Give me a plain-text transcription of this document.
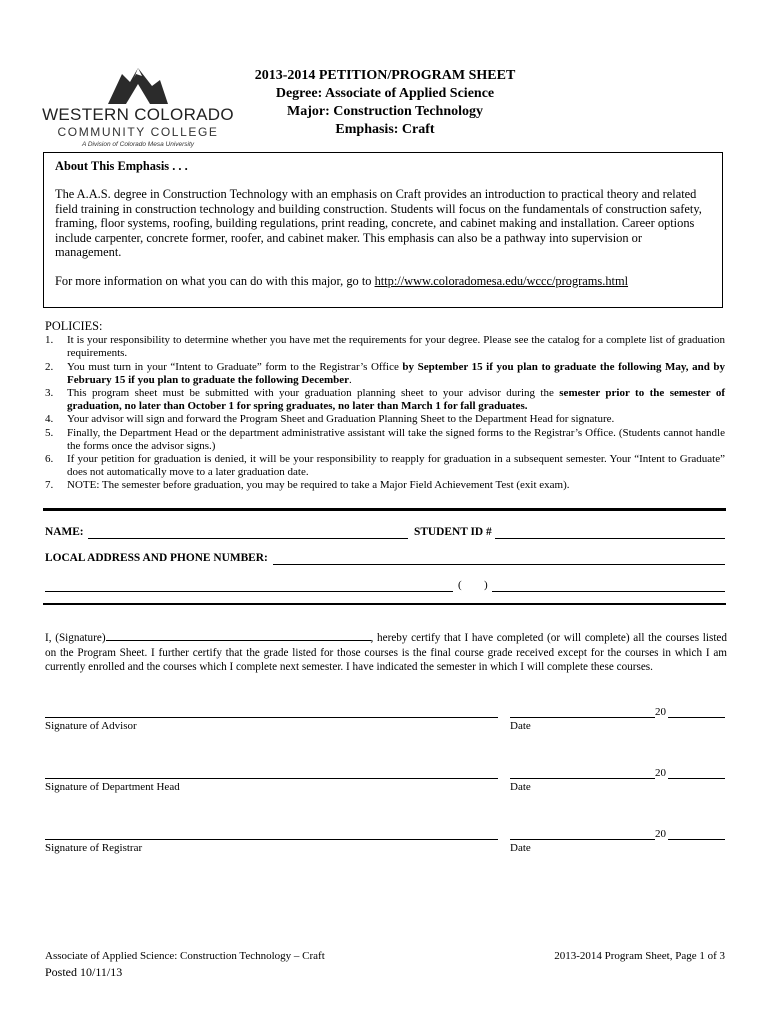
WESTERN COLORADO
COMMUNITY COLLEGE
A Division of Colorado Mesa University
2013-2014 PETITION/PROGRAM SHEET
Degree: Associate of Applied Science
Major: Construction Technology
Emphasis: Craft
About This Emphasis . . .

The A.A.S. degree in Construction Technology with an emphasis on Craft provides an introduction to practical theory and related field training in construction technology and building construction. Students will focus on the fundamentals of construction safety, framing, floor systems, roofing, building regulations, print reading, concrete, and cabinet making and installation. Career options include carpenter, concrete former, roofer, and cabinet maker. This emphasis can also be a pathway into supervision or management.

For more information on what you can do with this major, go to http://www.coloradomesa.edu/wccc/programs.html

POLICIES:
1. It is your responsibility to determine whether you have met the requirements for your degree. Please see the catalog for a complete list of graduation requirements.
2. You must turn in your “Intent to Graduate” form to the Registrar’s Office by September 15 if you plan to graduate the following May, and by February 15 if you plan to graduate the following December.
3. This program sheet must be submitted with your graduation planning sheet to your advisor during the semester prior to the semester of graduation, no later than October 1 for spring graduates, no later than March 1 for fall graduates.
4. Your advisor will sign and forward the Program Sheet and Graduation Planning Sheet to the Department Head for signature.
5. Finally, the Department Head or the department administrative assistant will take the signed forms to the Registrar’s Office. (Students cannot handle the forms once the advisor signs.)
6. If your petition for graduation is denied, it will be your responsibility to reapply for graduation in a subsequent semester. Your “Intent to Graduate” does not automatically move to a later graduation date.
7. NOTE: The semester before graduation, you may be required to take a Major Field Achievement Test (exit exam).
NAME:	STUDENT ID #
LOCAL ADDRESS AND PHONE NUMBER:
( )
I, (Signature)	, hereby certify that I have completed (or will complete) all the courses listed on the Program Sheet. I further certify that the grade listed for those courses is the final course grade received except for the courses in which I am currently enrolled and the courses which I complete next semester. I have indicated the semester in which I will complete these courses.
Signature of Advisor
20
Date
Signature of Department Head
20
Date
Signature of Registrar
20
Date
Associate of Applied Science: Construction Technology – Craft	2013-2014 Program Sheet, Page 1 of 3
Posted 10/11/13
